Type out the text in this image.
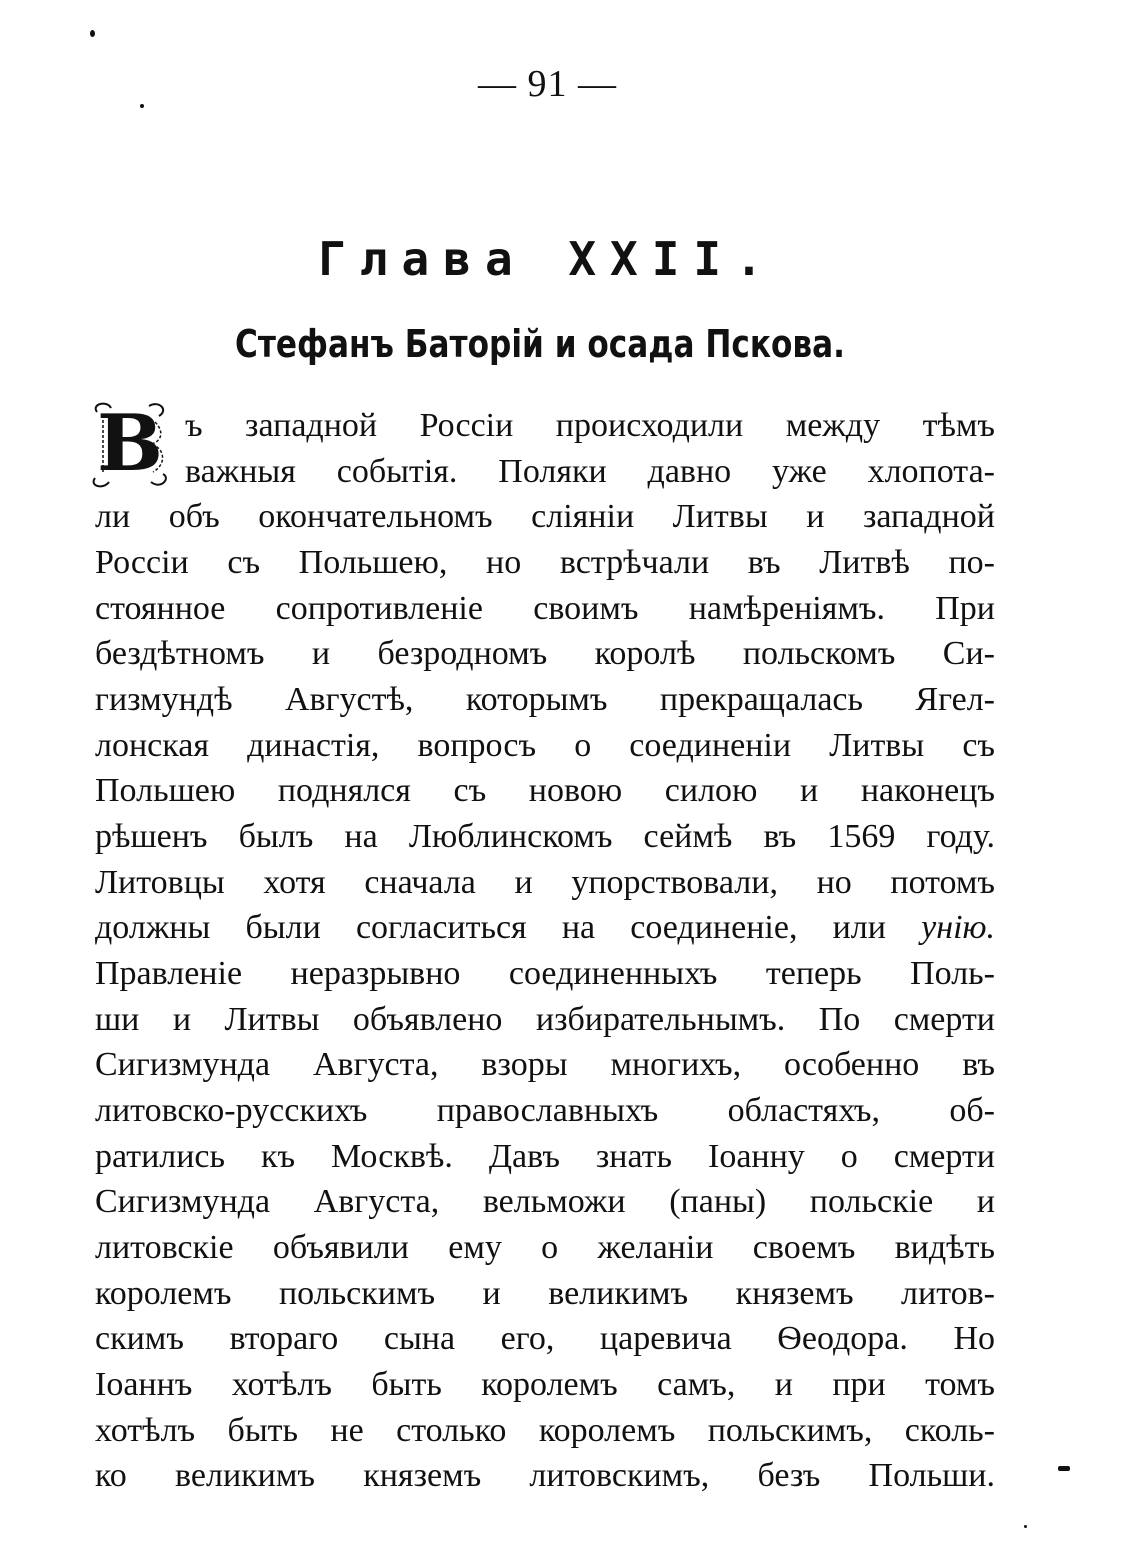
— 91 —
Глава XXII.
Стефанъ Баторій и осада Пскова.
В ъ западной Россіи происходили между тѣмъ
важныя событія. Поляки давно уже хлопота-
ли объ окончательномъ сліяніи Литвы и западной
Россіи съ Польшею, но встрѣчали въ Литвѣ по-
стоянное сопротивленіе своимъ намѣреніямъ. При
бездѣтномъ и безродномъ королѣ польскомъ Си-
гизмундѣ Августѣ, которымъ прекращалась Ягел-
лонская династія, вопросъ о соединеніи Литвы съ
Польшею поднялся съ новою силою и наконецъ
рѣшенъ былъ на Люблинскомъ сеймѣ въ 1569 году.
Литовцы хотя сначала и упорствовали, но потомъ
должны были согласиться на соединеніе, или унію.
Правленіе неразрывно соединенныхъ теперь Поль-
ши и Литвы объявлено избирательнымъ. По смерти
Сигизмунда Августа, взоры многихъ, особенно въ
литовско-русскихъ православныхъ областяхъ, об-
ратились къ Москвѣ. Давъ знать Іоанну о смерти
Сигизмунда Августа, вельможи (паны) польскіе и
литовскіе объявили ему о желаніи своемъ видѣть
королемъ польскимъ и великимъ княземъ литов-
скимъ втораго сына его, царевича Ѳеодора. Но
Іоаннъ хотѣлъ быть королемъ самъ, и при томъ
хотѣлъ быть не столько королемъ польскимъ, сколь-
ко великимъ княземъ литовскимъ, безъ Польши.
